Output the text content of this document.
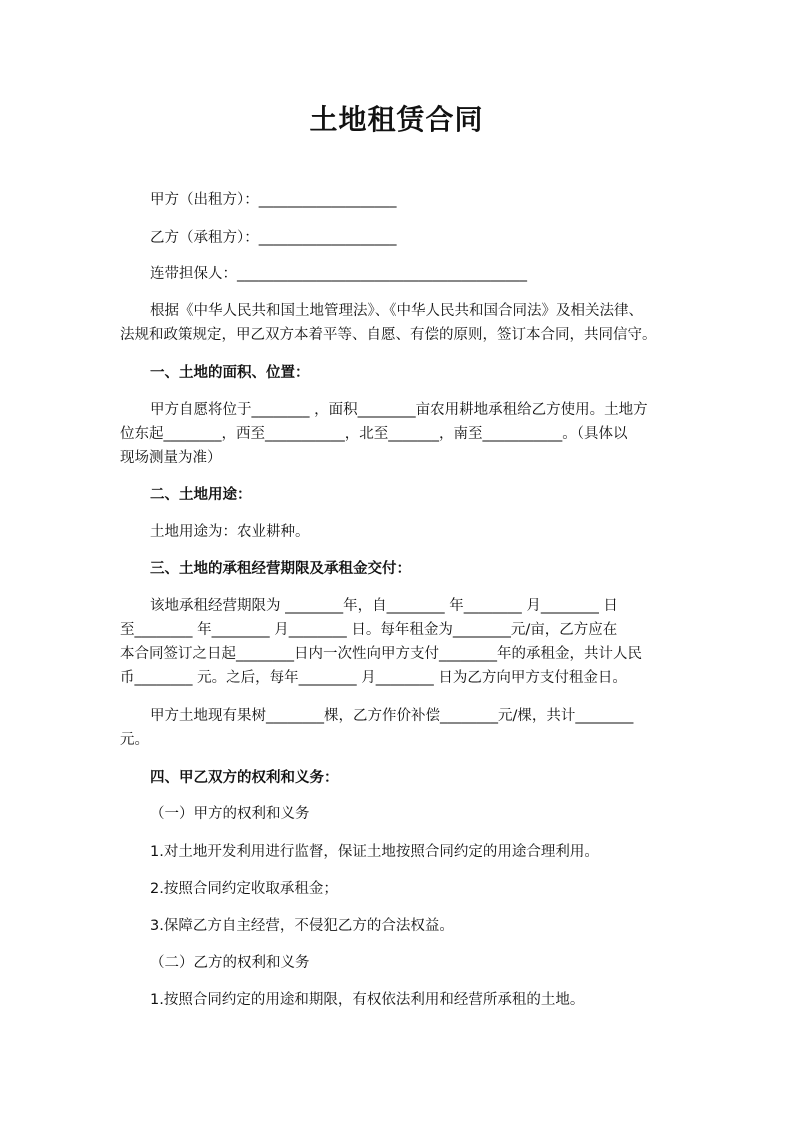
土地租赁合同
甲方（出租方）：___________________
乙方（承租方）：___________________
连带担保人：________________________________________
根据《中华人民共和国土地管理法》、《中华人民共和国合同法》及相关法律、
法规和政策规定，甲乙双方本着平等、自愿、有偿的原则，签订本合同，共同信守。
一、土地的面积、位置：
甲方自愿将位于________ ，面积________亩农用耕地承租给乙方使用。土地方
位东起________，西至___________，北至_______，南至___________。（具体以
现场测量为准）
二、土地用途：
土地用途为：农业耕种。
三、土地的承租经营期限及承租金交付：
该地承租经营期限为 ________年，自________ 年________ 月________ 日
至________ 年________ 月________ 日。每年租金为________元/亩，乙方应在
本合同签订之日起________日内一次性向甲方支付________年的承租金，共计人民
币________ 元。之后，每年________ 月________ 日为乙方向甲方支付租金日。
甲方土地现有果树________棵，乙方作价补偿________元/棵，共计________
元。
四、甲乙双方的权利和义务：
（一）甲方的权利和义务
1.对土地开发利用进行监督，保证土地按照合同约定的用途合理利用。
2.按照合同约定收取承租金；
3.保障乙方自主经营，不侵犯乙方的合法权益。
（二）乙方的权利和义务
1.按照合同约定的用途和期限，有权依法利用和经营所承租的土地。
